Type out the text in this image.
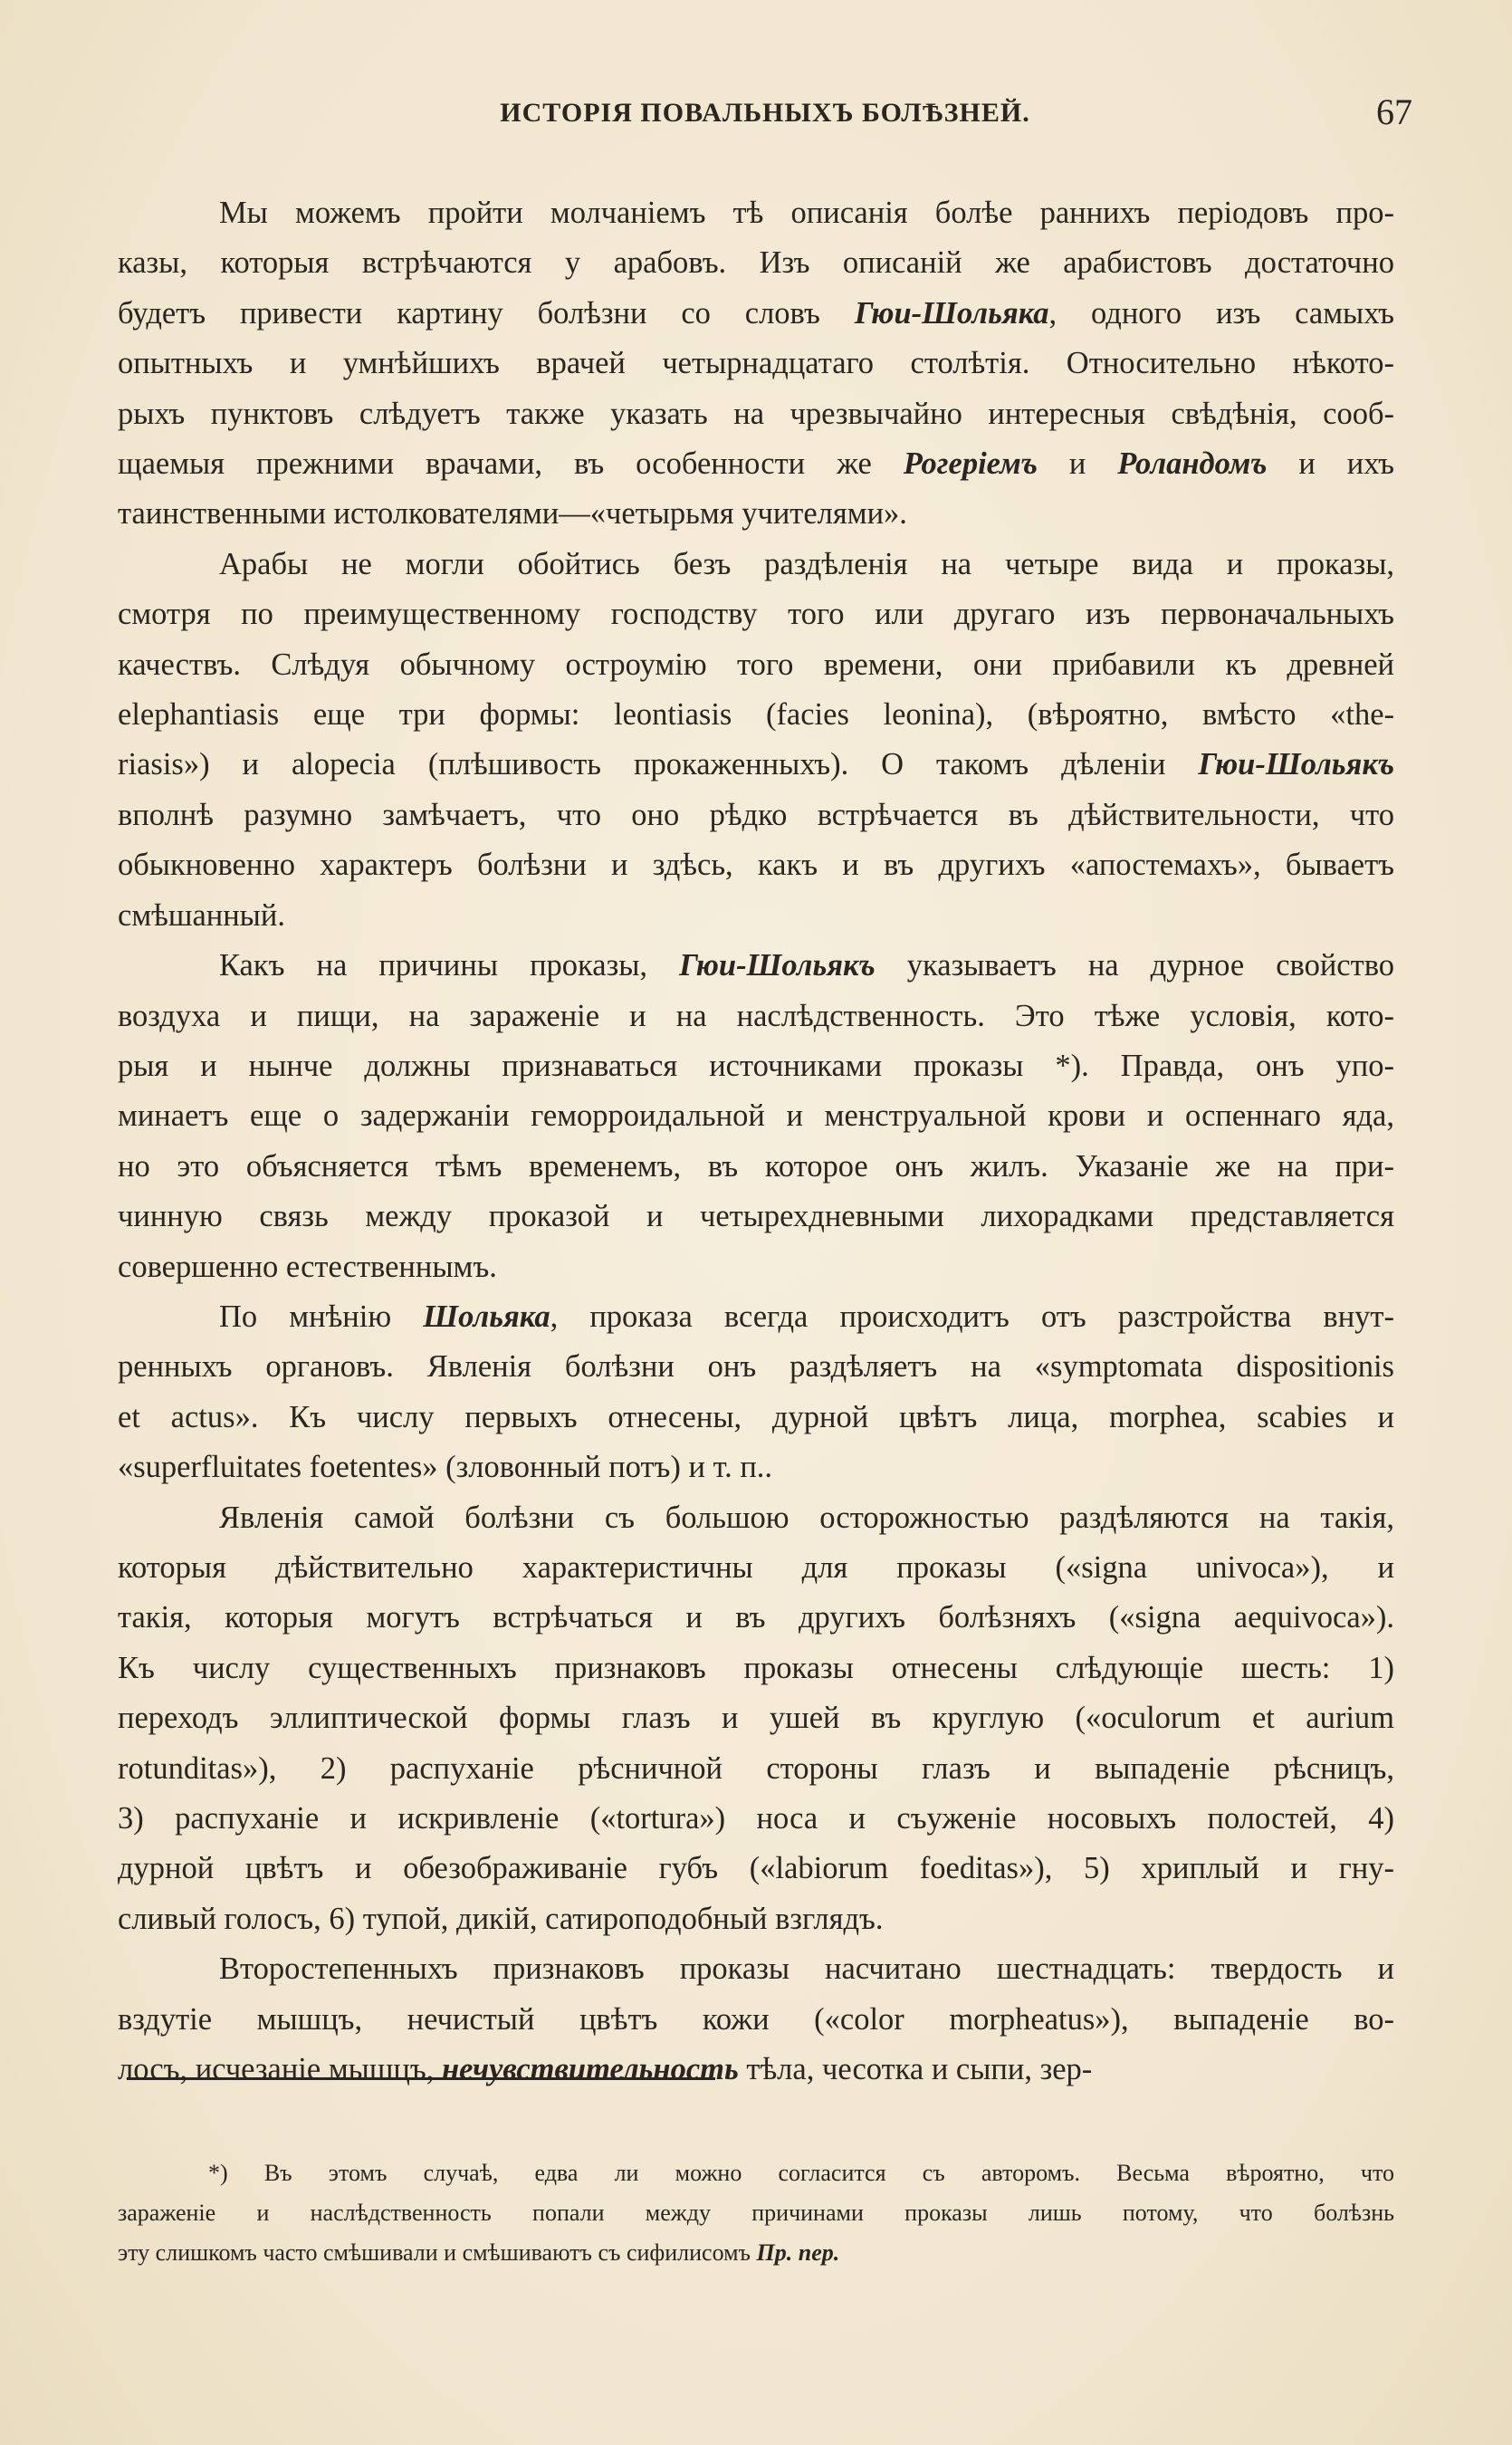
ИСТОРІЯ ПОВАЛЬНЫХЪ БОЛѢЗНЕЙ.	67
Мы можемъ пройти молчаніемъ тѣ описанія болѣе раннихъ періодовъ про-
казы, которыя встрѣчаются у арабовъ. Изъ описаній же арабистовъ достаточно
будетъ привести картину болѣзни со словъ Гюи-Шольяка, одного изъ самыхъ
опытныхъ и умнѣйшихъ врачей четырнадцатаго столѣтія. Относительно нѣкото-
рыхъ пунктовъ слѣдуетъ также указать на чрезвычайно интересныя свѣдѣнія, сооб-
щаемыя прежними врачами, въ особенности же Рогеріемъ и Роландомъ и ихъ
таинственными истолкователями—«четырьмя учителями».
Арабы не могли обойтись безъ раздѣленія на четыре вида и проказы,
смотря по преимущественному господству того или другаго изъ первоначальныхъ
качествъ. Слѣдуя обычному остроумію того времени, они прибавили къ древней
elephantiasis еще три формы: leontiasis (facies leonina), (вѣроятно, вмѣсто «the-
riasis») и alopecia (плѣшивость прокаженныхъ). О такомъ дѣленіи Гюи-Шольякъ
вполнѣ разумно замѣчаетъ, что оно рѣдко встрѣчается въ дѣйствительности, что
обыкновенно характеръ болѣзни и здѣсь, какъ и въ другихъ «апостемахъ», бываетъ
смѣшанный.
Какъ на причины проказы, Гюи-Шольякъ указываетъ на дурное свойство
воздуха и пищи, на зараженіе и на наслѣдственность. Это тѣже условія, кото-
рыя и нынче должны признаваться источниками проказы *). Правда, онъ упо-
минаетъ еще о задержаніи геморроидальной и менструальной крови и оспеннаго яда,
но это объясняется тѣмъ временемъ, въ которое онъ жилъ. Указаніе же на при-
чинную связь между проказой и четырехдневными лихорадками представляется
совершенно естественнымъ.
По мнѣнію Шольяка, проказа всегда происходитъ отъ разстройства внут-
ренныхъ органовъ. Явленія болѣзни онъ раздѣляетъ на «symptomata dispositionis
et actus». Къ числу первыхъ отнесены, дурной цвѣтъ лица, morphea, scabies и
«superfluitates foetentes» (зловонный потъ) и т. п..
Явленія самой болѣзни съ большою осторожностью раздѣляются на такія,
которыя дѣйствительно характеристичны для проказы («signa univoca»), и
такія, которыя могутъ встрѣчаться и въ другихъ болѣзняхъ («signa aequivoca»).
Къ числу существенныхъ признаковъ проказы отнесены слѣдующіе шесть: 1)
переходъ эллиптической формы глазъ и ушей въ круглую («oculorum et aurium
rotunditas»), 2) распуханіе рѣсничной стороны глазъ и выпаденіе рѣсницъ,
3) распуханіе и искривленіе («tortura») носа и съуженіе носовыхъ полостей, 4)
дурной цвѣтъ и обезображиваніе губъ («labiorum foeditas»), 5) хриплый и гну-
сливый голосъ, 6) тупой, дикій, сатироподобный взглядъ.
Второстепенныхъ признаковъ проказы насчитано шестнадцать: твердость и
вздутіе мышцъ, нечистый цвѣтъ кожи («color morpheatus»), выпаденіе во-
лосъ, исчезаніе мышцъ, нечувствительность тѣла, чесотка и сыпи, зер-
*) Въ этомъ случаѣ, едва ли можно согласится съ авторомъ. Весьма вѣроятно, что
зараженіе и наслѣдственность попали между причинами проказы лишь потому, что болѣзнь
эту слишкомъ часто смѣшивали и смѣшиваютъ съ сифилисомъ Пр. пер.
